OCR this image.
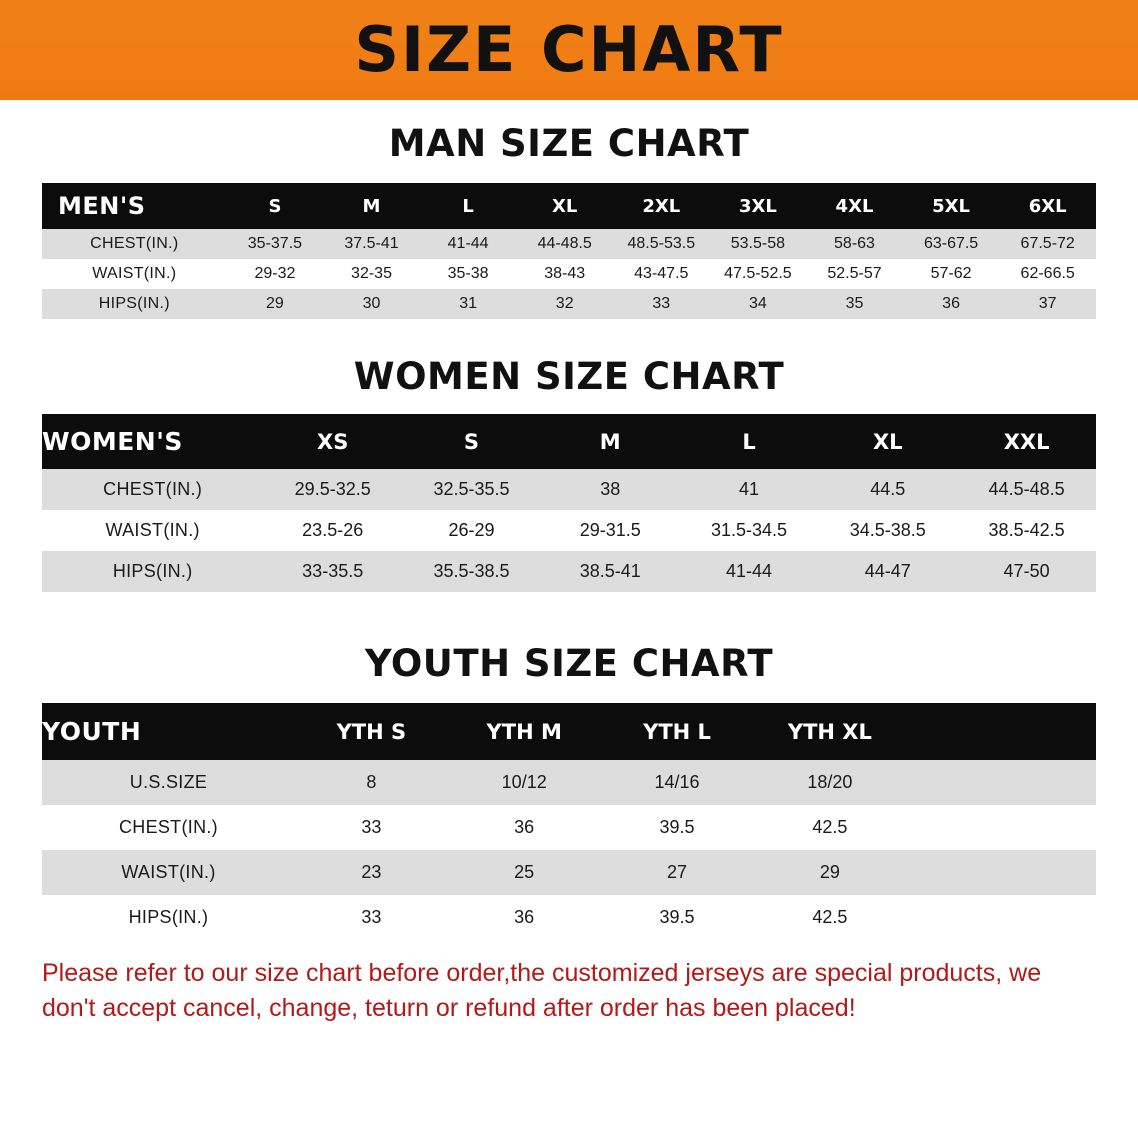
SIZE CHART
MAN SIZE CHART
MEN'S	S	M	L	XL	2XL	3XL	4XL	5XL	6XL
CHEST(IN.)	35-37.5	37.5-41	41-44	44-48.5	48.5-53.5	53.5-58	58-63	63-67.5	67.5-72
WAIST(IN.)	29-32	32-35	35-38	38-43	43-47.5	47.5-52.5	52.5-57	57-62	62-66.5
HIPS(IN.)	29	30	31	32	33	34	35	36	37
WOMEN SIZE CHART
WOMEN'S	XS	S	M	L	XL	XXL
CHEST(IN.)	29.5-32.5	32.5-35.5	38	41	44.5	44.5-48.5
WAIST(IN.)	23.5-26	26-29	29-31.5	31.5-34.5	34.5-38.5	38.5-42.5
HIPS(IN.)	33-35.5	35.5-38.5	38.5-41	41-44	44-47	47-50
YOUTH SIZE CHART
YOUTH	YTH S	YTH M	YTH L	YTH XL	
U.S.SIZE	8	10/12	14/16	18/20	
CHEST(IN.)	33	36	39.5	42.5	
WAIST(IN.)	23	25	27	29	
HIPS(IN.)	33	36	39.5	42.5	
Please refer to our size chart before order,the customized jerseys are special products, we don't accept cancel, change, teturn or refund after order has been placed!
